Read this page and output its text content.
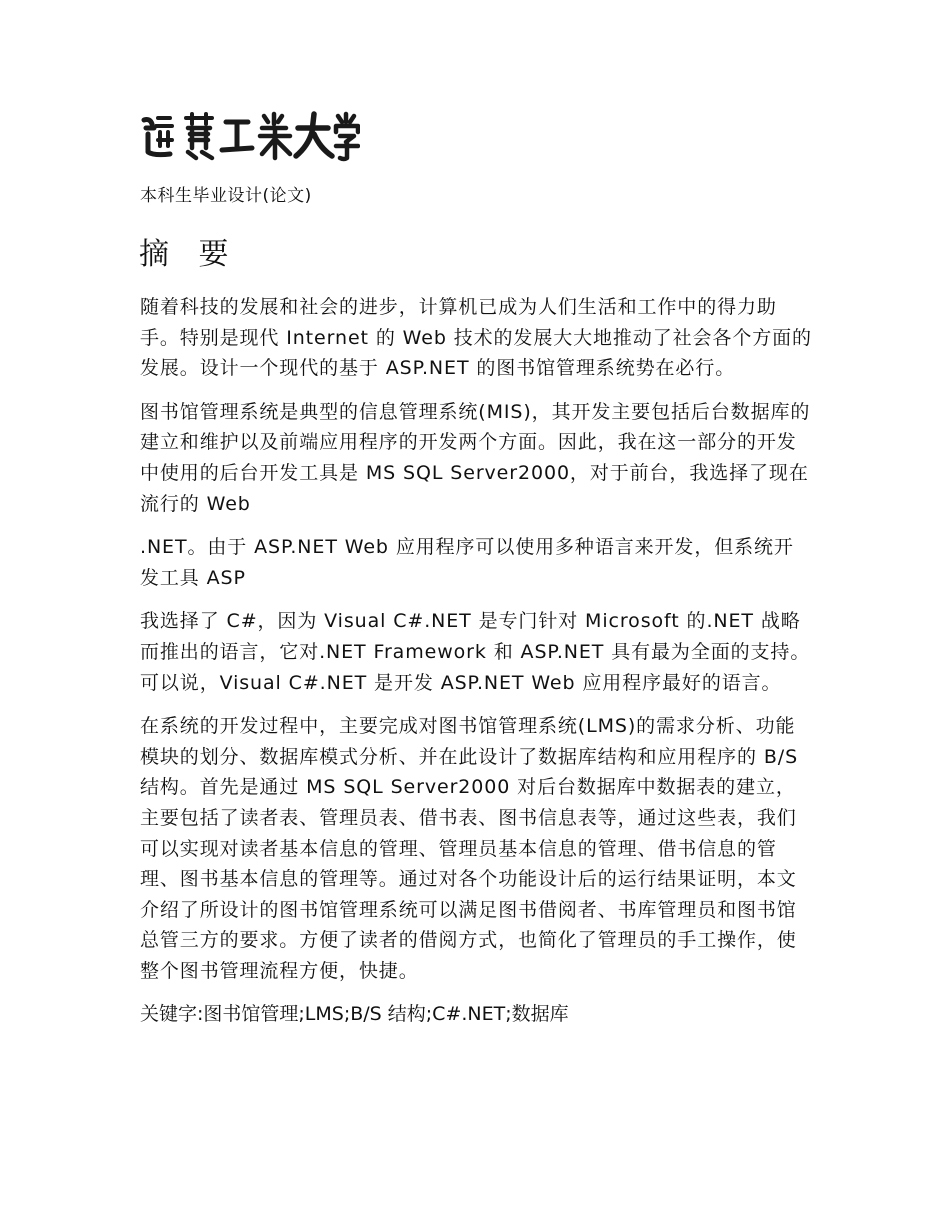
本科生毕业设计(论文)
摘 要

随着科技的发展和社会的进步，计算机已成为人们生活和工作中的得力助手。特别是现代 Internet 的 Web 技术的发展大大地推动了社会各个方面的发展。设计一个现代的基于 ASP.NET 的图书馆管理系统势在必行。

图书馆管理系统是典型的信息管理系统(MIS)，其开发主要包括后台数据库的建立和维护以及前端应用程序的开发两个方面。因此，我在这一部分的开发中使用的后台开发工具是 MS SQL Server2000，对于前台，我选择了现在流行的 Web

.NET。由于 ASP.NET Web 应用程序可以使用多种语言来开发，但系统开发工具 ASP

我选择了 C#，因为 Visual C#.NET 是专门针对 Microsoft 的.NET 战略而推出的语言，它对.NET Framework 和 ASP.NET 具有最为全面的支持。可以说，Visual C#.NET 是开发 ASP.NET Web 应用程序最好的语言。

在系统的开发过程中，主要完成对图书馆管理系统(LMS)的需求分析、功能模块的划分、数据库模式分析、并在此设计了数据库结构和应用程序的 B/S 结构。首先是通过 MS SQL Server2000 对后台数据库中数据表的建立，主要包括了读者表、管理员表、借书表、图书信息表等，通过这些表，我们可以实现对读者基本信息的管理、管理员基本信息的管理、借书信息的管理、图书基本信息的管理等。通过对各个功能设计后的运行结果证明，本文介绍了所设计的图书馆管理系统可以满足图书借阅者、书库管理员和图书馆总管三方的要求。方便了读者的借阅方式，也简化了管理员的手工操作，使整个图书管理流程方便，快捷。

关键字:图书馆管理;LMS;B/S 结构;C#.NET;数据库
